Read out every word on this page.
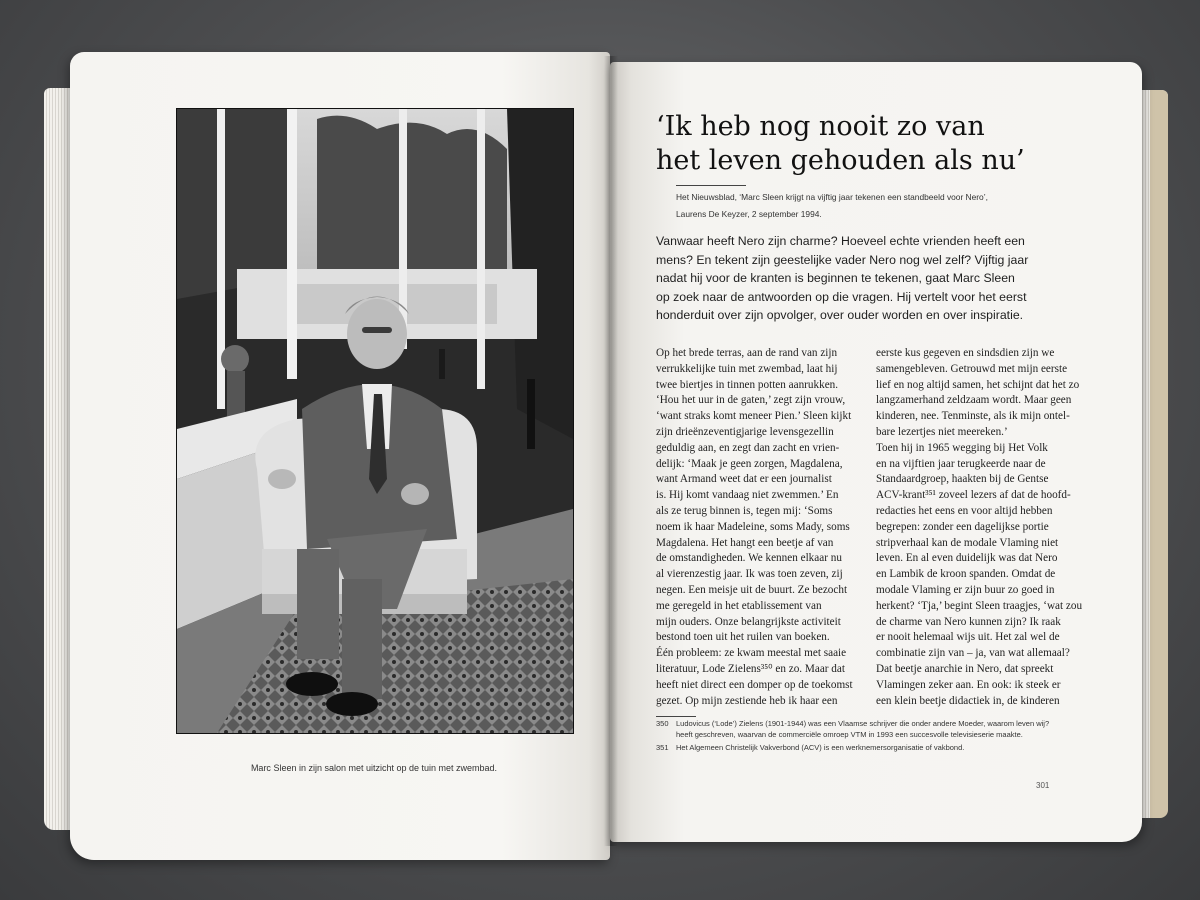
Marc Sleen in zijn salon met uitzicht op de tuin met zwembad.
‘Ik heb nog nooit zo van
het leven gehouden als nu’
Het Nieuwsblad, ‘Marc Sleen krijgt na vijftig jaar tekenen een standbeeld voor Nero’,
Laurens De Keyzer, 2 september 1994.
Vanwaar heeft Nero zijn charme? Hoeveel echte vrienden heeft een
mens? En tekent zijn geestelijke vader Nero nog wel zelf? Vijftig jaar
nadat hij voor de kranten is beginnen te tekenen, gaat Marc Sleen
op zoek naar de antwoorden op die vragen. Hij vertelt voor het eerst
honderduit over zijn opvolger, over ouder worden en over inspiratie.
Op het brede terras, aan de rand van zijn
verrukkelijke tuin met zwembad, laat hij
twee biertjes in tinnen potten aanrukken.
‘Hou het uur in de gaten,’ zegt zijn vrouw,
‘want straks komt meneer Pien.’ Sleen kijkt
zijn drieënzeventigjarige levensgezellin
geduldig aan, en zegt dan zacht en vrien-
delijk: ‘Maak je geen zorgen, Magdalena,
want Armand weet dat er een journalist
is. Hij komt vandaag niet zwemmen.’ En
als ze terug binnen is, tegen mij: ‘Soms
noem ik haar Madeleine, soms Mady, soms
Magdalena. Het hangt een beetje af van
de omstandigheden. We kennen elkaar nu
al vierenzestig jaar. Ik was toen zeven, zij
negen. Een meisje uit de buurt. Ze bezocht
me geregeld in het etablissement van
mijn ouders. Onze belangrijkste activiteit
bestond toen uit het ruilen van boeken.
Één probleem: ze kwam meestal met saaie
literatuur, Lode Zielens³⁵⁰ en zo. Maar dat
heeft niet direct een domper op de toekomst
gezet. Op mijn zestiende heb ik haar een
eerste kus gegeven en sindsdien zijn we
samengebleven. Getrouwd met mijn eerste
lief en nog altijd samen, het schijnt dat het zo
langzamerhand zeldzaam wordt. Maar geen
kinderen, nee. Tenminste, als ik mijn ontel-
bare lezertjes niet meereken.’
Toen hij in 1965 wegging bij Het Volk
en na vijftien jaar terugkeerde naar de
Standaardgroep, haakten bij de Gentse
ACV-krant³⁵¹ zoveel lezers af dat de hoofd-
redacties het eens en voor altijd hebben
begrepen: zonder een dagelijkse portie
stripverhaal kan de modale Vlaming niet
leven. En al even duidelijk was dat Nero
en Lambik de kroon spanden. Omdat de
modale Vlaming er zijn buur zo goed in
herkent? ‘Tja,’ begint Sleen traagjes, ‘wat zou
de charme van Nero kunnen zijn? Ik raak
er nooit helemaal wijs uit. Het zal wel de
combinatie zijn van – ja, van wat allemaal?
Dat beetje anarchie in Nero, dat spreekt
Vlamingen zeker aan. En ook: ik steek er
een klein beetje didactiek in, de kinderen
350 Ludovicus (‘Lode’) Zielens (1901-1944) was een Vlaamse schrijver die onder andere Moeder, waarom leven wij?
heeft geschreven, waarvan de commerciële omroep VTM in 1993 een succesvolle televisieserie maakte.
351 Het Algemeen Christelijk Vakverbond (ACV) is een werknemersorganisatie of vakbond.
301
